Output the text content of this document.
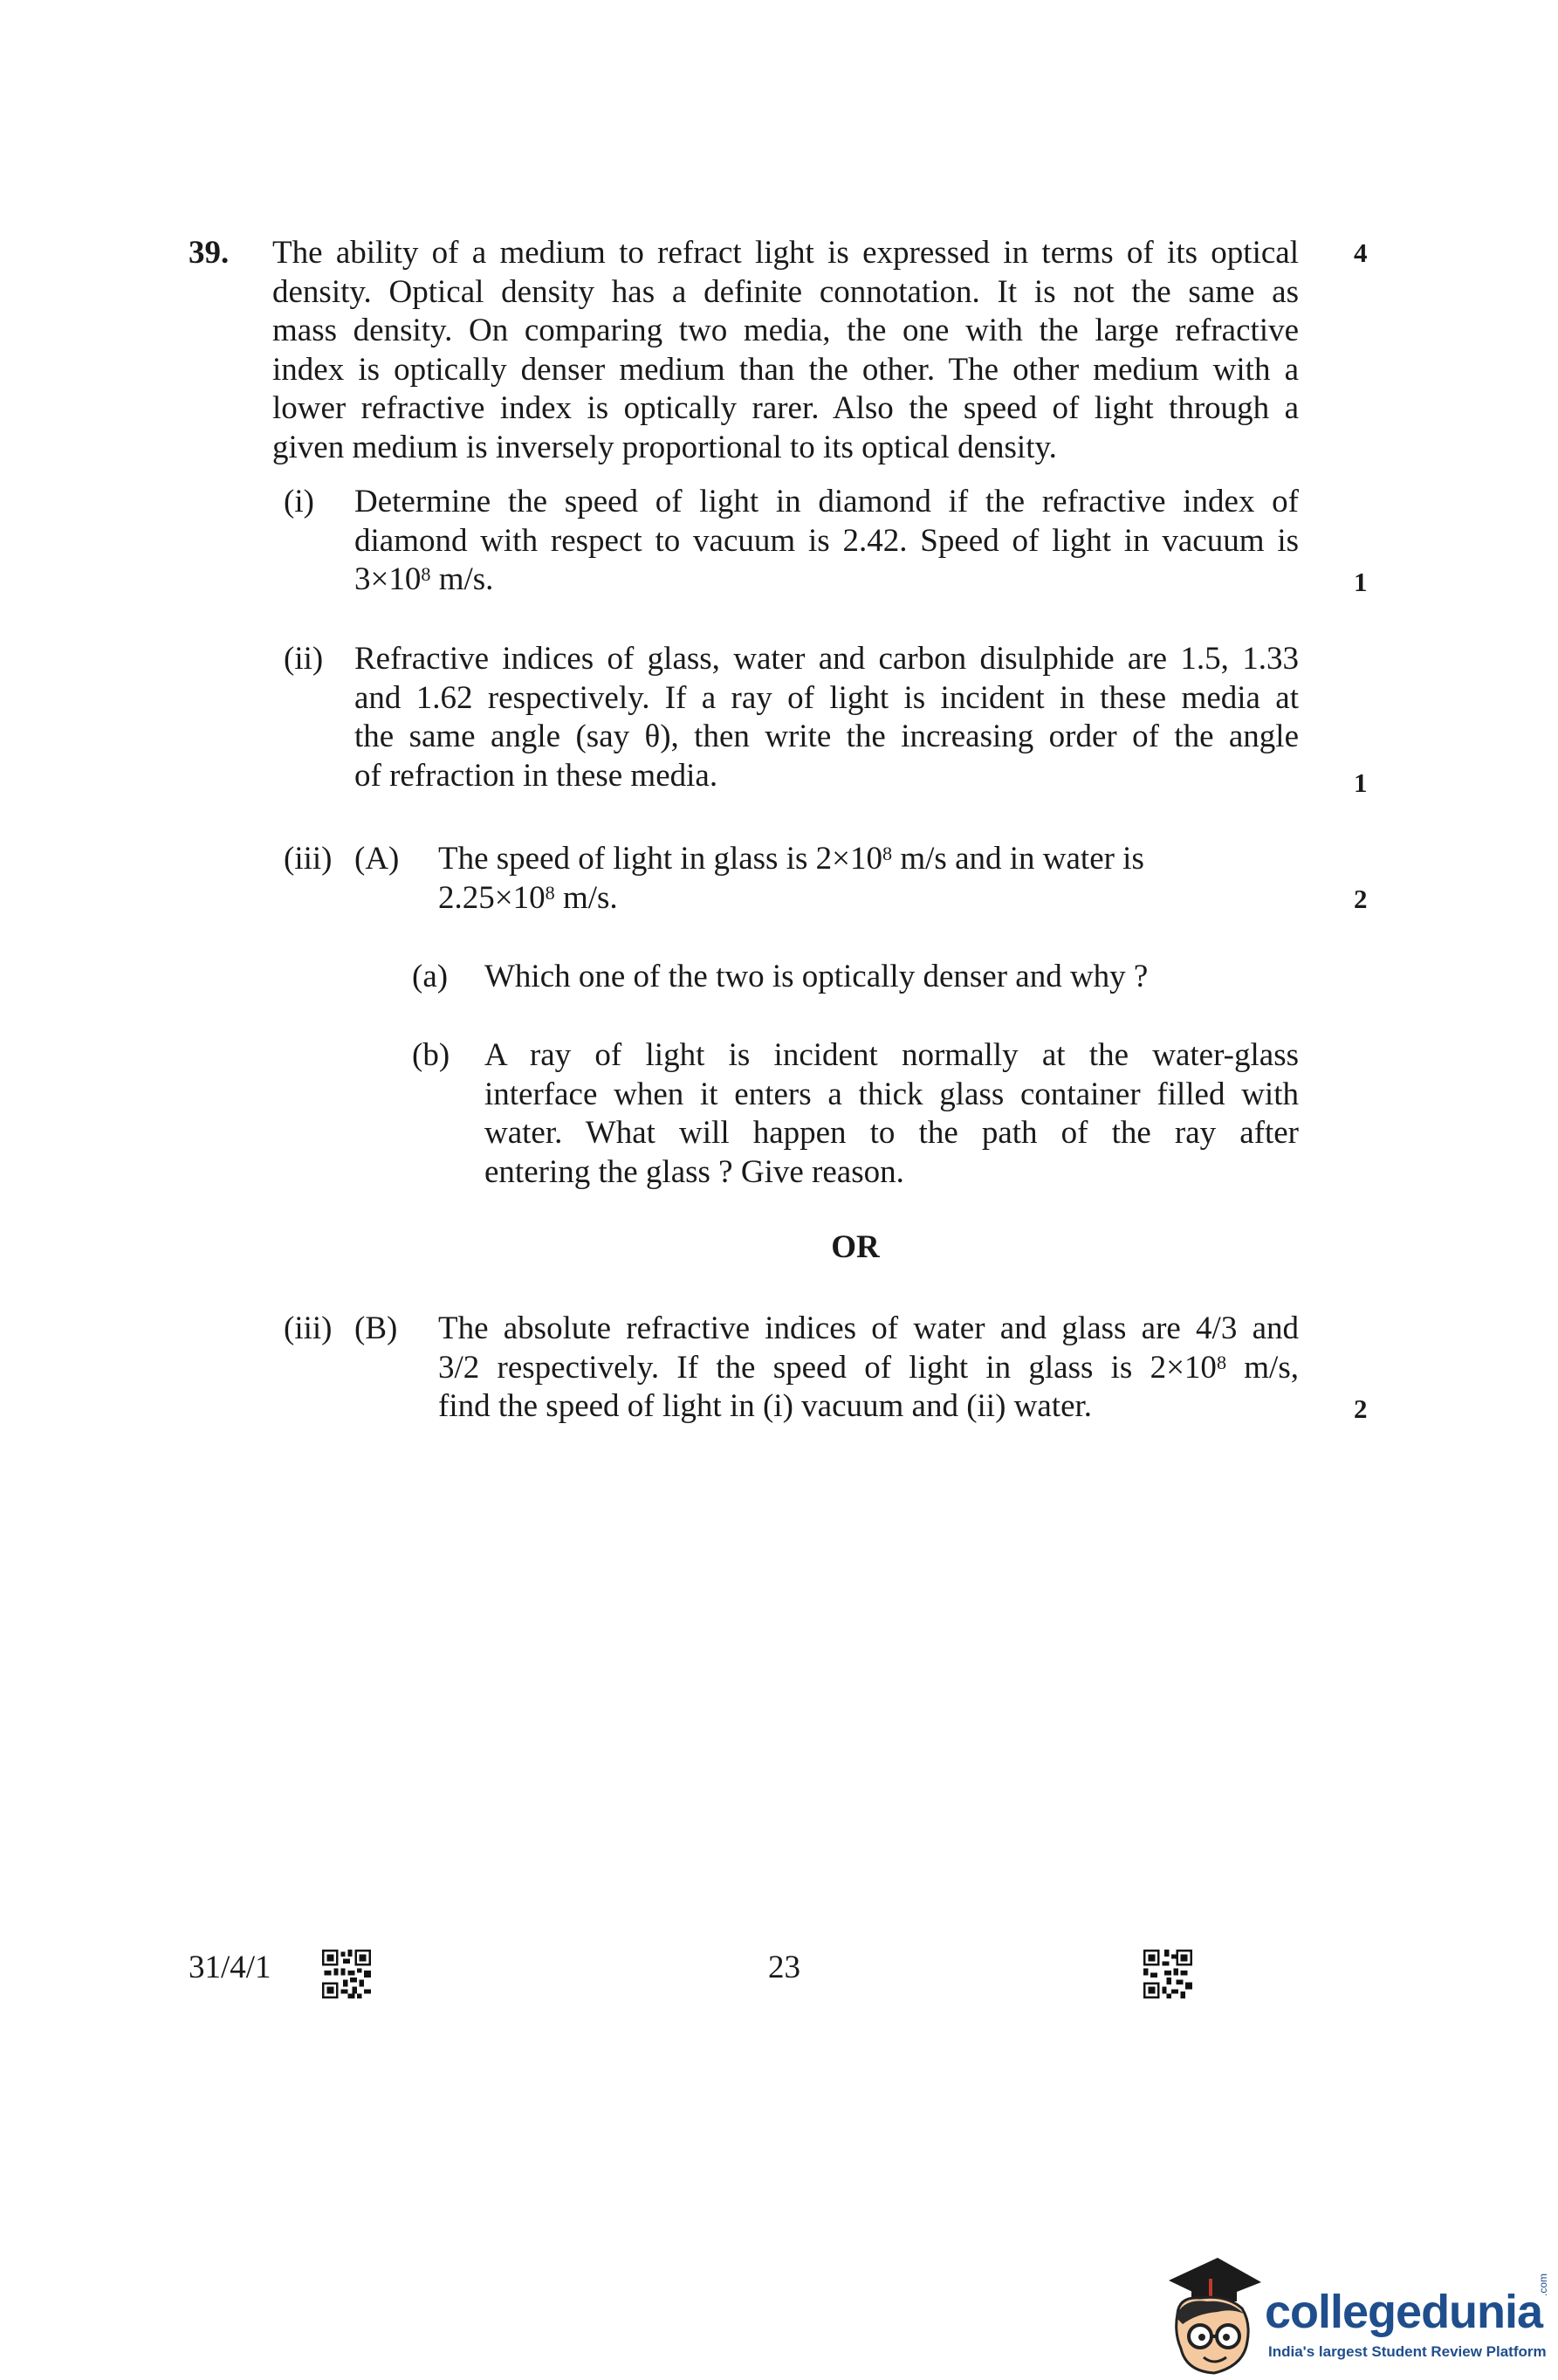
39.	4
The ability of a medium to refract light is expressed in terms of its optical
density. Optical density has a definite connotation. It is not the same as
mass density. On comparing two media, the one with the large refractive
index is optically denser medium than the other. The other medium with a
lower refractive index is optically rarer. Also the speed of light through a
given medium is inversely proportional to its optical density.
(i) Determine the speed of light in diamond if the refractive index of
diamond with respect to vacuum is 2.42. Speed of light in vacuum is
$3\times 10^8$ m/s.	1
(ii) Refractive indices of glass, water and carbon disulphide are 1.5, 1.33
and 1.62 respectively. If a ray of light is incident in these media at
the same angle (say θ), then write the increasing order of the angle
of refraction in these media.	1
(iii) (A) The speed of light in glass is $2\times 10^8$ m/s and in water is
$2.25\times 10^8$ m/s.	2
(a) Which one of the two is optically denser and why ?
(b) A ray of light is incident normally at the water-glass
interface when it enters a thick glass container filled with
water. What will happen to the path of the ray after
entering the glass ? Give reason.
OR
(iii) (B) The absolute refractive indices of water and glass are 4/3 and
3/2 respectively. If the speed of light in glass is $2\times 10^8$ m/s,
find the speed of light in (i) vacuum and (ii) water.	2
31/4/1	23
collegedunia
.com
India's largest Student Review Platform
